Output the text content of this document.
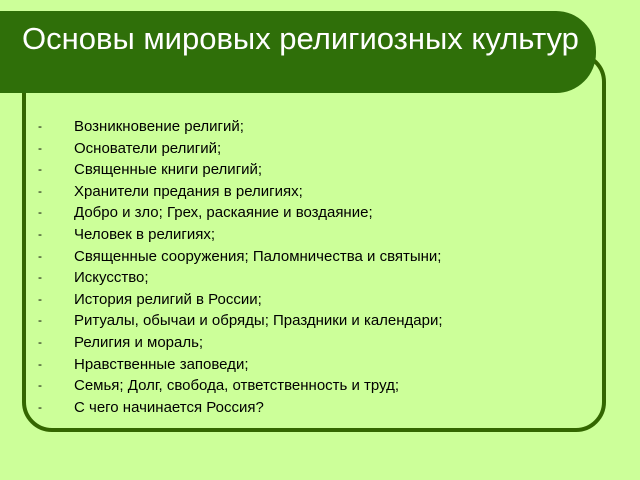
Основы мировых религиозных культур
-	Возникновение религий;
-	Основатели религий;
-	Священные книги религий;
-	Хранители предания в религиях;
-	Добро и зло; Грех, раскаяние и воздаяние;
-	Человек в религиях;
-	Священные сооружения; Паломничества и святыни;
-	Искусство;
-	История религий в России;
-	Ритуалы, обычаи и обряды; Праздники и календари;
-	Религия и мораль;
-	Нравственные заповеди;
-	Семья; Долг, свобода, ответственность и труд;
-	С чего начинается Россия?
